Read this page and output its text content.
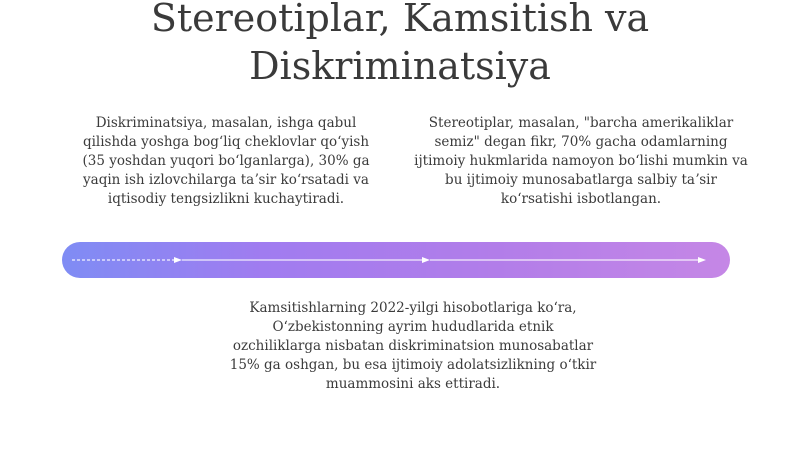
Stereotiplar, Kamsitish va
Diskriminatsiya
Diskriminatsiya, masalan, ishga qabul qilishda yoshga bogʻliq cheklovlar qoʻyish (35 yoshdan yuqori boʻlganlarga), 30% ga yaqin ish izlovchilarga taʼsir koʻrsatadi va iqtisodiy tengsizlikni kuchaytiradi.
Stereotiplar, masalan, "barcha amerikaliklar semiz" degan fikr, 70% gacha odamlarning ijtimoiy hukmlarida namoyon boʻlishi mumkin va bu ijtimoiy munosabatlarga salbiy taʼsir koʻrsatishi isbotlangan.
Kamsitishlarning 2022-yilgi hisobotlariga koʻra, Oʻzbekistonning ayrim hududlarida etnik ozchiliklarga nisbatan diskriminatsion munosabatlar 15% ga oshgan, bu esa ijtimoiy adolatsizlikning oʻtkir muammosini aks ettiradi.
